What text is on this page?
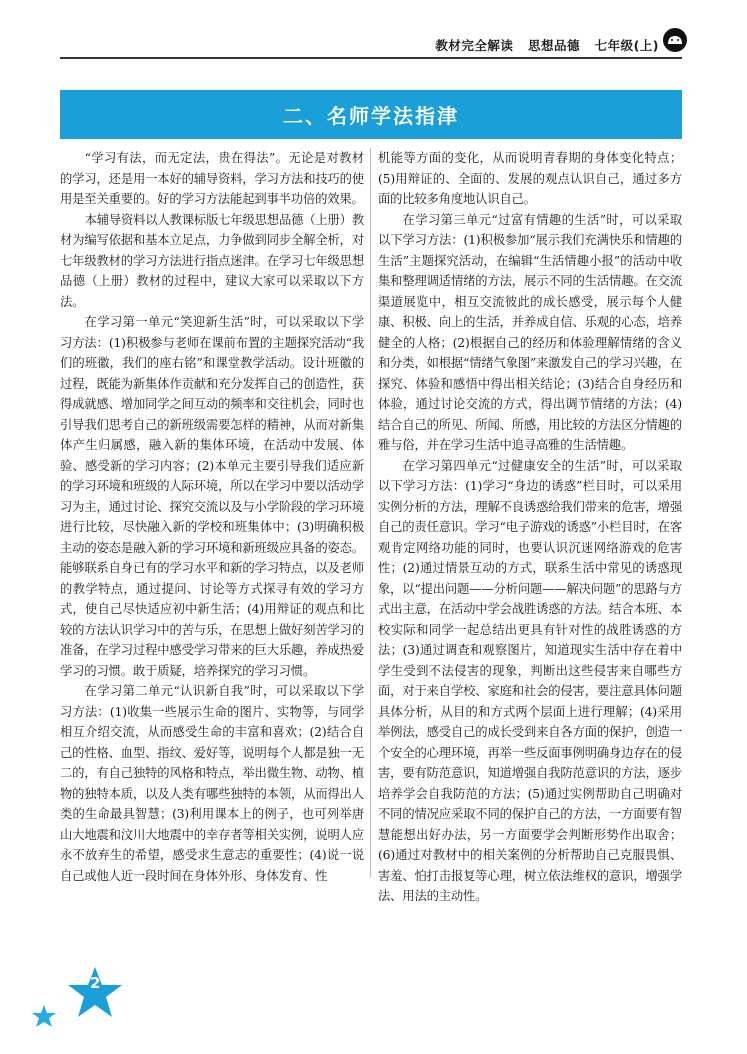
教材完全解读 思想品德 七年级(上)
二、名师学法指津

“学习有法，而无定法，贵在得法”。无论是对教材的学习，还是用一本好的辅导资料，学习方法和技巧的使用是至关重要的。好的学习方法能起到事半功倍的效果。

本辅导资料以人教课标版七年级思想品德（上册）教材为编写依据和基本立足点，力争做到同步全解全析，对七年级教材的学习方法进行指点迷津。在学习七年级思想品德（上册）教材的过程中，建议大家可以采取以下方法。

在学习第一单元“笑迎新生活”时，可以采取以下学习方法：(1)积极参与老师在课前布置的主题探究活动“我们的班徽，我们的座右铭”和课堂教学活动。设计班徽的过程，既能为新集体作贡献和充分发挥自己的创造性，获得成就感、增加同学之间互动的频率和交往机会，同时也引导我们思考自己的新班级需要怎样的精神，从而对新集体产生归属感，融入新的集体环境，在活动中发展、体验、感受新的学习内容；(2)本单元主要引导我们适应新的学习环境和班级的人际环境，所以在学习中要以活动学习为主，通过讨论、探究交流以及与小学阶段的学习环境进行比较，尽快融入新的学校和班集体中；(3)明确积极主动的姿态是融入新的学习环境和新班级应具备的姿态。能够联系自身已有的学习水平和新的学习特点，以及老师的教学特点，通过提问、讨论等方式探寻有效的学习方式，使自己尽快适应初中新生活；(4)用辩证的观点和比较的方法认识学习中的苦与乐，在思想上做好刻苦学习的准备，在学习过程中感受学习带来的巨大乐趣，养成热爱学习的习惯。敢于质疑，培养探究的学习习惯。

在学习第二单元“认识新自我”时，可以采取以下学习方法：(1)收集一些展示生命的图片、实物等，与同学相互介绍交流，从而感受生命的丰富和喜欢；(2)结合自己的性格、血型、指纹、爱好等，说明每个人都是独一无二的，有自己独特的风格和特点，举出微生物、动物、植物的独特本质，以及人类有哪些独特的本领，从而得出人类的生命最具智慧；(3)利用课本上的例子，也可列举唐山大地震和汶川大地震中的幸存者等相关实例，说明人应永不放弃生的希望，感受求生意志的重要性；(4)说一说自己或他人近一段时间在身体外形、身体发育、性

机能等方面的变化，从而说明青春期的身体变化特点；(5)用辩证的、全面的、发展的观点认识自己，通过多方面的比较多角度地认识自己。

在学习第三单元“过富有情趣的生活”时，可以采取以下学习方法：(1)积极参加“展示我们充满快乐和情趣的生活”主题探究活动，在编辑“生活情趣小报”的活动中收集和整理调适情绪的方法，展示不同的生活情趣。在交流渠道展览中，相互交流彼此的成长感受，展示每个人健康、积极、向上的生活，并养成自信、乐观的心态，培养健全的人格；(2)根据自己的经历和体验理解情绪的含义和分类，如根据“情绪气象图”来激发自己的学习兴趣，在探究、体验和感悟中得出相关结论；(3)结合自身经历和体验，通过讨论交流的方式，得出调节情绪的方法；(4)结合自己的所见、所闻、所感，用比较的方法区分情趣的雅与俗，并在学习生活中追寻高雅的生活情趣。

在学习第四单元“过健康安全的生活”时，可以采取以下学习方法：(1)学习“身边的诱惑”栏目时，可以采用实例分析的方法，理解不良诱惑给我们带来的危害，增强自己的责任意识。学习“电子游戏的诱惑”小栏目时，在客观肯定网络功能的同时，也要认识沉迷网络游戏的危害性；(2)通过情景互动的方式，联系生活中常见的诱惑现象，以“提出问题——分析问题——解决问题”的思路与方式出主意，在活动中学会战胜诱惑的方法。结合本班、本校实际和同学一起总结出更具有针对性的战胜诱惑的方法；(3)通过调查和观察图片，知道现实生活中存在着中学生受到不法侵害的现象，判断出这些侵害来自哪些方面，对于来自学校、家庭和社会的侵害，要注意具体问题具体分析，从目的和方式两个层面上进行理解；(4)采用举例法，感受自己的成长受到来自各方面的保护，创造一个安全的心理环境，再举一些反面事例明确身边存在的侵害，要有防范意识，知道增强自我防范意识的方法，逐步培养学会自我防范的方法；(5)通过实例帮助自己明确对不同的情况应采取不同的保护自己的方法，一方面要有智慧能想出好办法，另一方面要学会判断形势作出取舍；(6)通过对教材中的相关案例的分析帮助自己克服畏惧、害羞、怕打击报复等心理，树立依法维权的意识，增强学法、用法的主动性。

2
